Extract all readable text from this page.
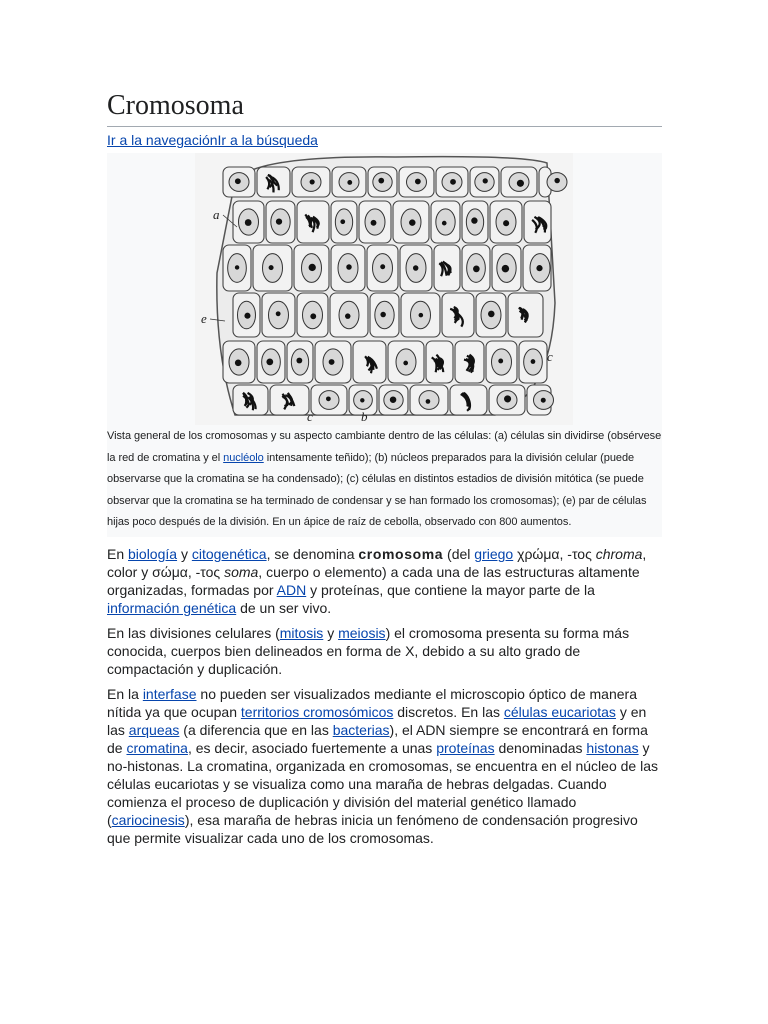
Cromosoma
Ir a la navegaciónIr a la búsqueda
a
e
c
c	b
Vista general de los cromosomas y su aspecto cambiante dentro de las células: (a) células sin dividirse (obsérvese la red de cromatina y el nucléolo intensamente teñido); (b) núcleos preparados para la división celular (puede observarse que la cromatina se ha condensado); (c) células en distintos estadios de división mitótica (se puede observar que la cromatina se ha terminado de condensar y se han formado los cromosomas); (e) par de células hijas poco después de la división. En un ápice de raíz de cebolla, observado con 800 aumentos.

En biología y citogenética, se denomina cromosoma (del griego χρώμα, -τος chroma, color y σώμα, -τος soma, cuerpo o elemento) a cada una de las estructuras altamente organizadas, formadas por ADN y proteínas, que contiene la mayor parte de la información genética de un ser vivo.

En las divisiones celulares (mitosis y meiosis) el cromosoma presenta su forma más conocida, cuerpos bien delineados en forma de X, debido a su alto grado de compactación y duplicación.

En la interfase no pueden ser visualizados mediante el microscopio óptico de manera nítida ya que ocupan territorios cromosómicos discretos. En las células eucariotas y en las arqueas (a diferencia que en las bacterias), el ADN siempre se encontrará en forma de cromatina, es decir, asociado fuertemente a unas proteínas denominadas histonas y no-histonas. La cromatina, organizada en cromosomas, se encuentra en el núcleo de las células eucariotas y se visualiza como una maraña de hebras delgadas. Cuando comienza el proceso de duplicación y división del material genético llamado (cariocinesis), esa maraña de hebras inicia un fenómeno de condensación progresivo que permite visualizar cada uno de los cromosomas.
